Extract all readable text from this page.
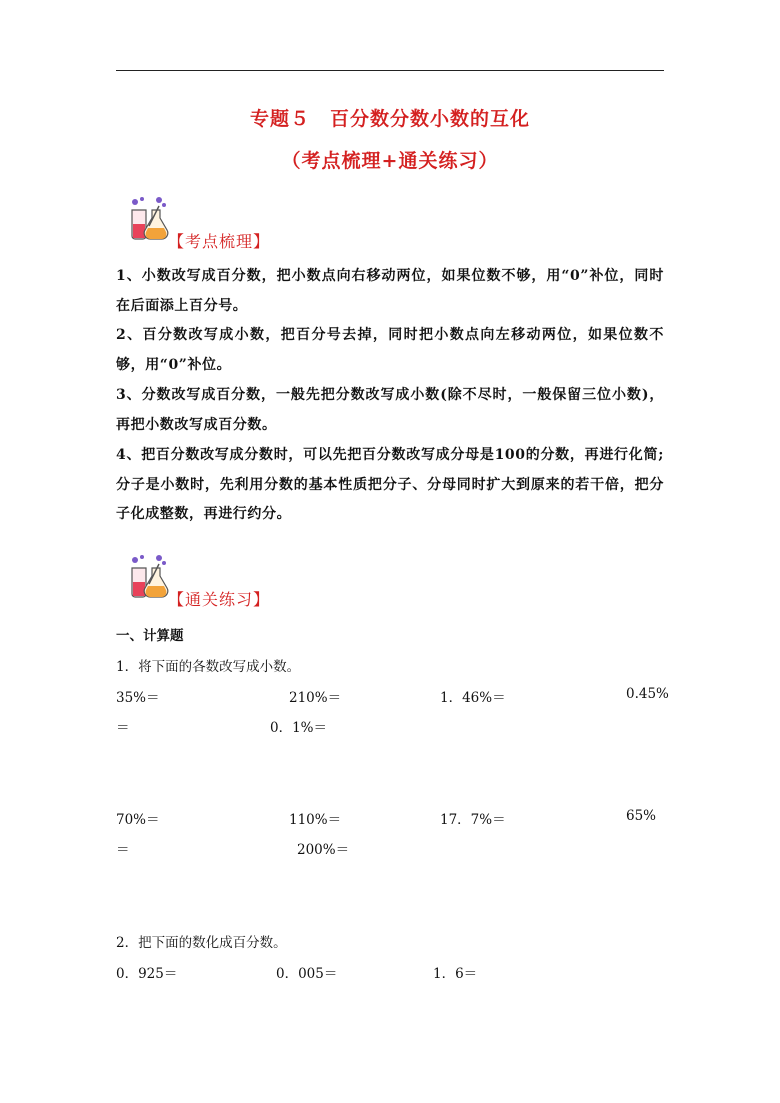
专题５　百分数分数小数的互化
（考点梳理+通关练习）
【考点梳理】
1、小数改写成百分数，把小数点向右移动两位，如果位数不够，用“0”补位，同时在后面添上百分号。
2、百分数改写成小数，把百分号去掉，同时把小数点向左移动两位，如果位数不够，用“0”补位。
3、分数改写成百分数，一般先把分数改写成小数(除不尽时，一般保留三位小数)，再把小数改写成百分数。
4、把百分数改写成分数时，可以先把百分数改写成分母是100的分数，再进行化简;分子是小数时，先利用分数的基本性质把分子、分母同时扩大到原来的若干倍，把分子化成整数，再进行约分。
【通关练习】
一、计算题
1．将下面的各数改写成小数。
35%＝	210%＝	1．46%＝	0.45%
＝	0．1%＝
70%＝	110%＝	17．7%＝	65%
＝	200%＝
2．把下面的数化成百分数。
0．925＝	0．005＝	1．6＝
